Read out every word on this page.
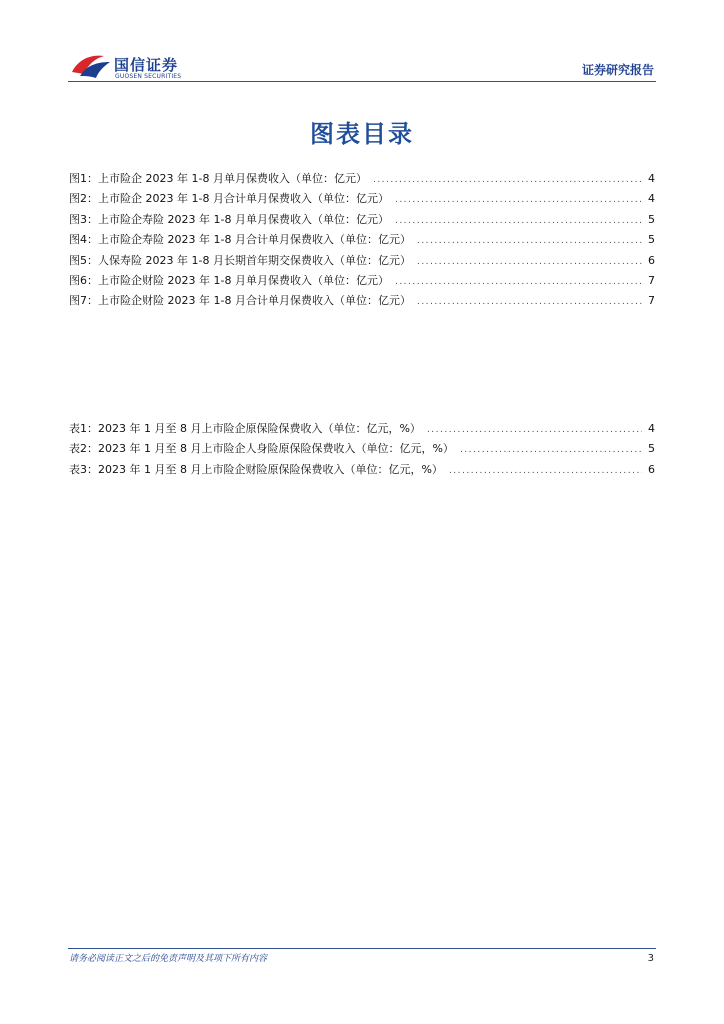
国信证券
GUOSEN SECURITIES	证券研究报告
图表目录
图1： 上市险企 2023 年 1-8 月单月保费收入（单位：亿元） .....	4
图2： 上市险企 2023 年 1-8 月合计单月保费收入（单位：亿元） .....	4
图3： 上市险企寿险 2023 年 1-8 月单月保费收入（单位：亿元） .....	5
图4： 上市险企寿险 2023 年 1-8 月合计单月保费收入（单位：亿元） .....	5
图5： 人保寿险 2023 年 1-8 月长期首年期交保费收入（单位：亿元） .....	6
图6： 上市险企财险 2023 年 1-8 月单月保费收入（单位：亿元） .....	7
图7： 上市险企财险 2023 年 1-8 月合计单月保费收入（单位：亿元） .....	7
表1： 2023 年 1 月至 8 月上市险企原保险保费收入（单位：亿元，%） .....	4
表2： 2023 年 1 月至 8 月上市险企人身险原保险保费收入（单位：亿元，%） .....	5
表3： 2023 年 1 月至 8 月上市险企财险原保险保费收入（单位：亿元，%） .....	6
请务必阅读正文之后的免责声明及其项下所有内容	3
